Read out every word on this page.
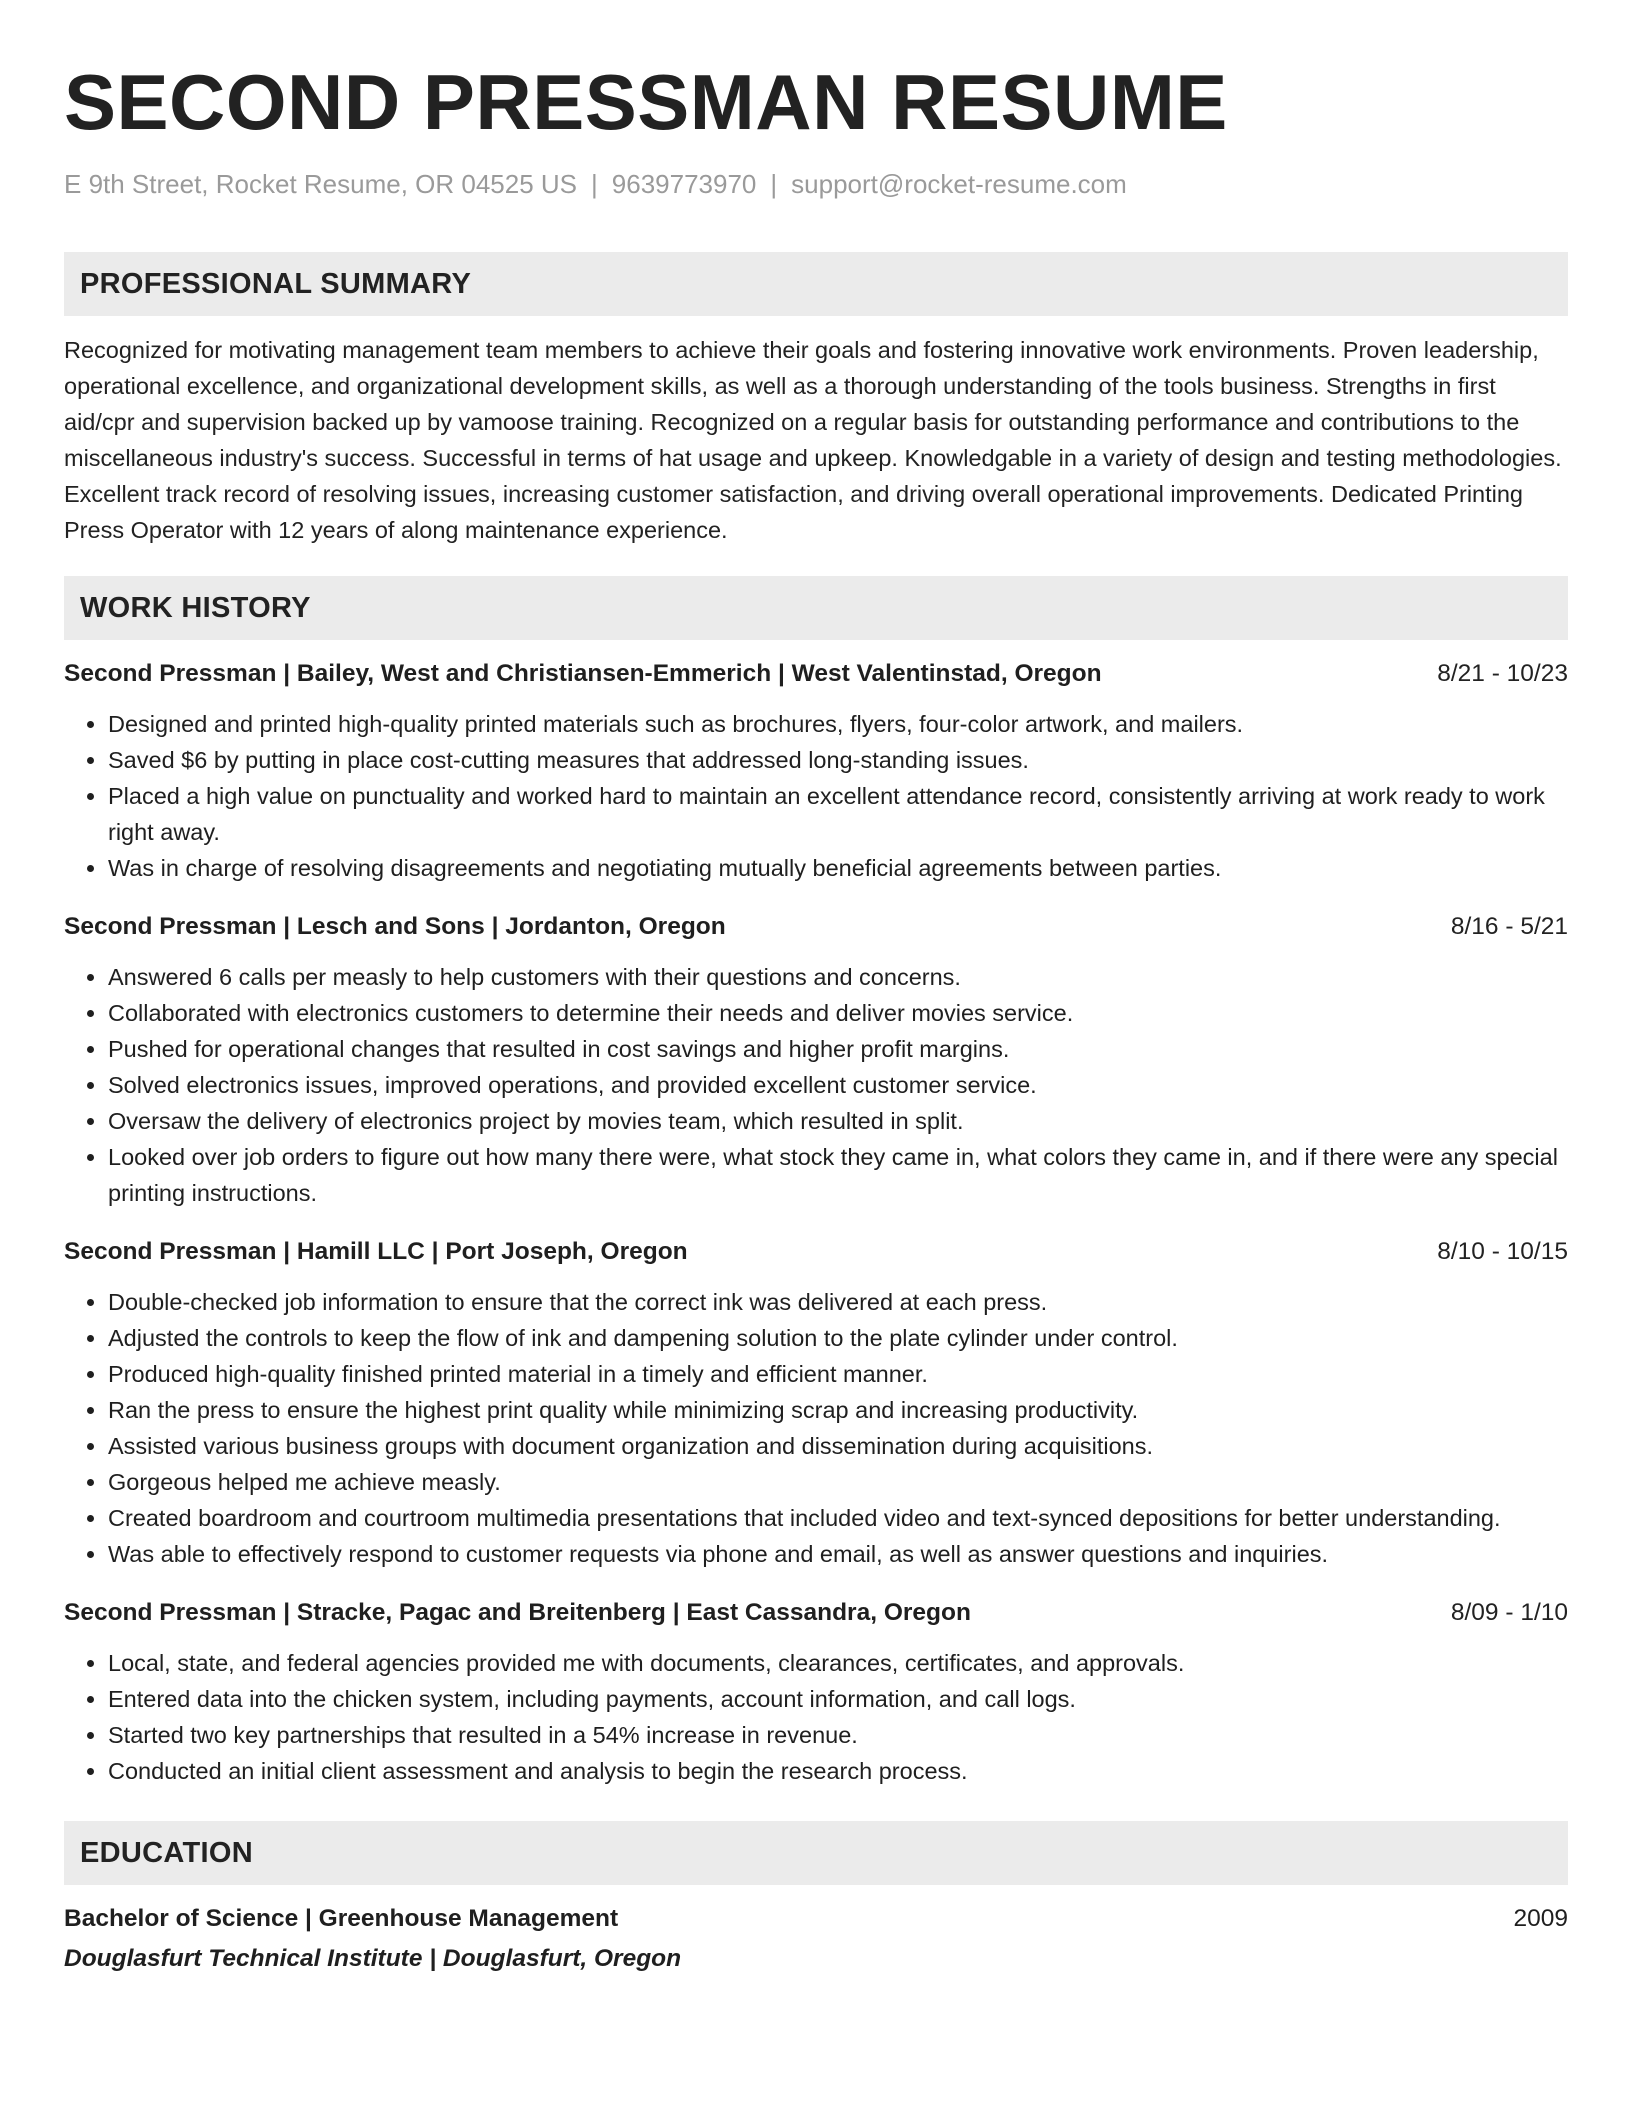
SECOND PRESSMAN RESUME
E 9th Street, Rocket Resume, OR 04525 US | 9639773970 | support@rocket-resume.com
PROFESSIONAL SUMMARY
Recognized for motivating management team members to achieve their goals and fostering innovative work environments. Proven leadership, operational excellence, and organizational development skills, as well as a thorough understanding of the tools business. Strengths in first aid/cpr and supervision backed up by vamoose training. Recognized on a regular basis for outstanding performance and contributions to the miscellaneous industry's success. Successful in terms of hat usage and upkeep. Knowledgable in a variety of design and testing methodologies. Excellent track record of resolving issues, increasing customer satisfaction, and driving overall operational improvements. Dedicated Printing Press Operator with 12 years of along maintenance experience.
WORK HISTORY
Second Pressman | Bailey, West and Christiansen-Emmerich | West Valentinstad, Oregon	8/21 - 10/23
• Designed and printed high-quality printed materials such as brochures, flyers, four-color artwork, and mailers.
• Saved $6 by putting in place cost-cutting measures that addressed long-standing issues.
• Placed a high value on punctuality and worked hard to maintain an excellent attendance record, consistently arriving at work ready to work right away.
• Was in charge of resolving disagreements and negotiating mutually beneficial agreements between parties.
Second Pressman | Lesch and Sons | Jordanton, Oregon	8/16 - 5/21
• Answered 6 calls per measly to help customers with their questions and concerns.
• Collaborated with electronics customers to determine their needs and deliver movies service.
• Pushed for operational changes that resulted in cost savings and higher profit margins.
• Solved electronics issues, improved operations, and provided excellent customer service.
• Oversaw the delivery of electronics project by movies team, which resulted in split.
• Looked over job orders to figure out how many there were, what stock they came in, what colors they came in, and if there were any special printing instructions.
Second Pressman | Hamill LLC | Port Joseph, Oregon	8/10 - 10/15
• Double-checked job information to ensure that the correct ink was delivered at each press.
• Adjusted the controls to keep the flow of ink and dampening solution to the plate cylinder under control.
• Produced high-quality finished printed material in a timely and efficient manner.
• Ran the press to ensure the highest print quality while minimizing scrap and increasing productivity.
• Assisted various business groups with document organization and dissemination during acquisitions.
• Gorgeous helped me achieve measly.
• Created boardroom and courtroom multimedia presentations that included video and text-synced depositions for better understanding.
• Was able to effectively respond to customer requests via phone and email, as well as answer questions and inquiries.
Second Pressman | Stracke, Pagac and Breitenberg | East Cassandra, Oregon	8/09 - 1/10
• Local, state, and federal agencies provided me with documents, clearances, certificates, and approvals.
• Entered data into the chicken system, including payments, account information, and call logs.
• Started two key partnerships that resulted in a 54% increase in revenue.
• Conducted an initial client assessment and analysis to begin the research process.
EDUCATION
Bachelor of Science | Greenhouse Management	2009
Douglasfurt Technical Institute | Douglasfurt, Oregon
